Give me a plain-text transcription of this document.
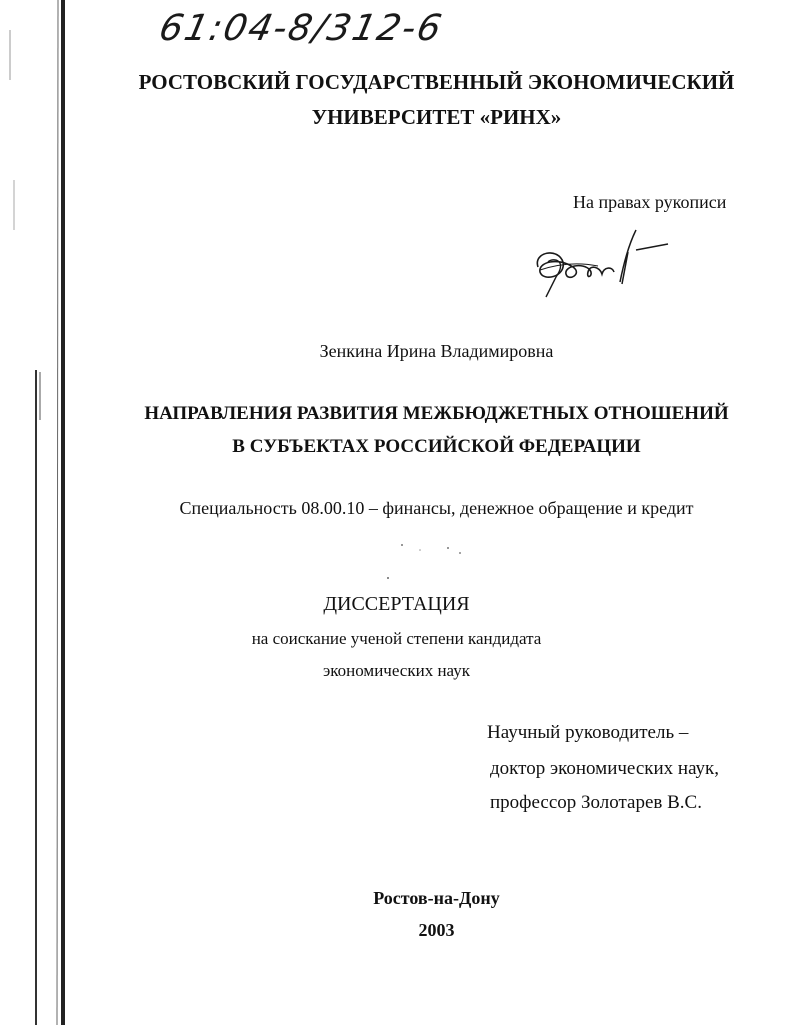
61:04-8/312-6
РОСТОВСКИЙ ГОСУДАРСТВЕННЫЙ ЭКОНОМИЧЕСКИЙ
УНИВЕРСИТЕТ «РИНХ»
На правах рукописи
Зенкина Ирина Владимировна
НАПРАВЛЕНИЯ РАЗВИТИЯ МЕЖБЮДЖЕТНЫХ ОТНОШЕНИЙ
В СУБЪЕКТАХ РОССИЙСКОЙ ФЕДЕРАЦИИ
Специальность 08.00.10 – финансы, денежное обращение и кредит
ДИССЕРТАЦИЯ
на соискание ученой степени кандидата
экономических наук
Научный руководитель –
доктор экономических наук,
профессор Золотарев В.С.
Ростов-на-Дону
2003
